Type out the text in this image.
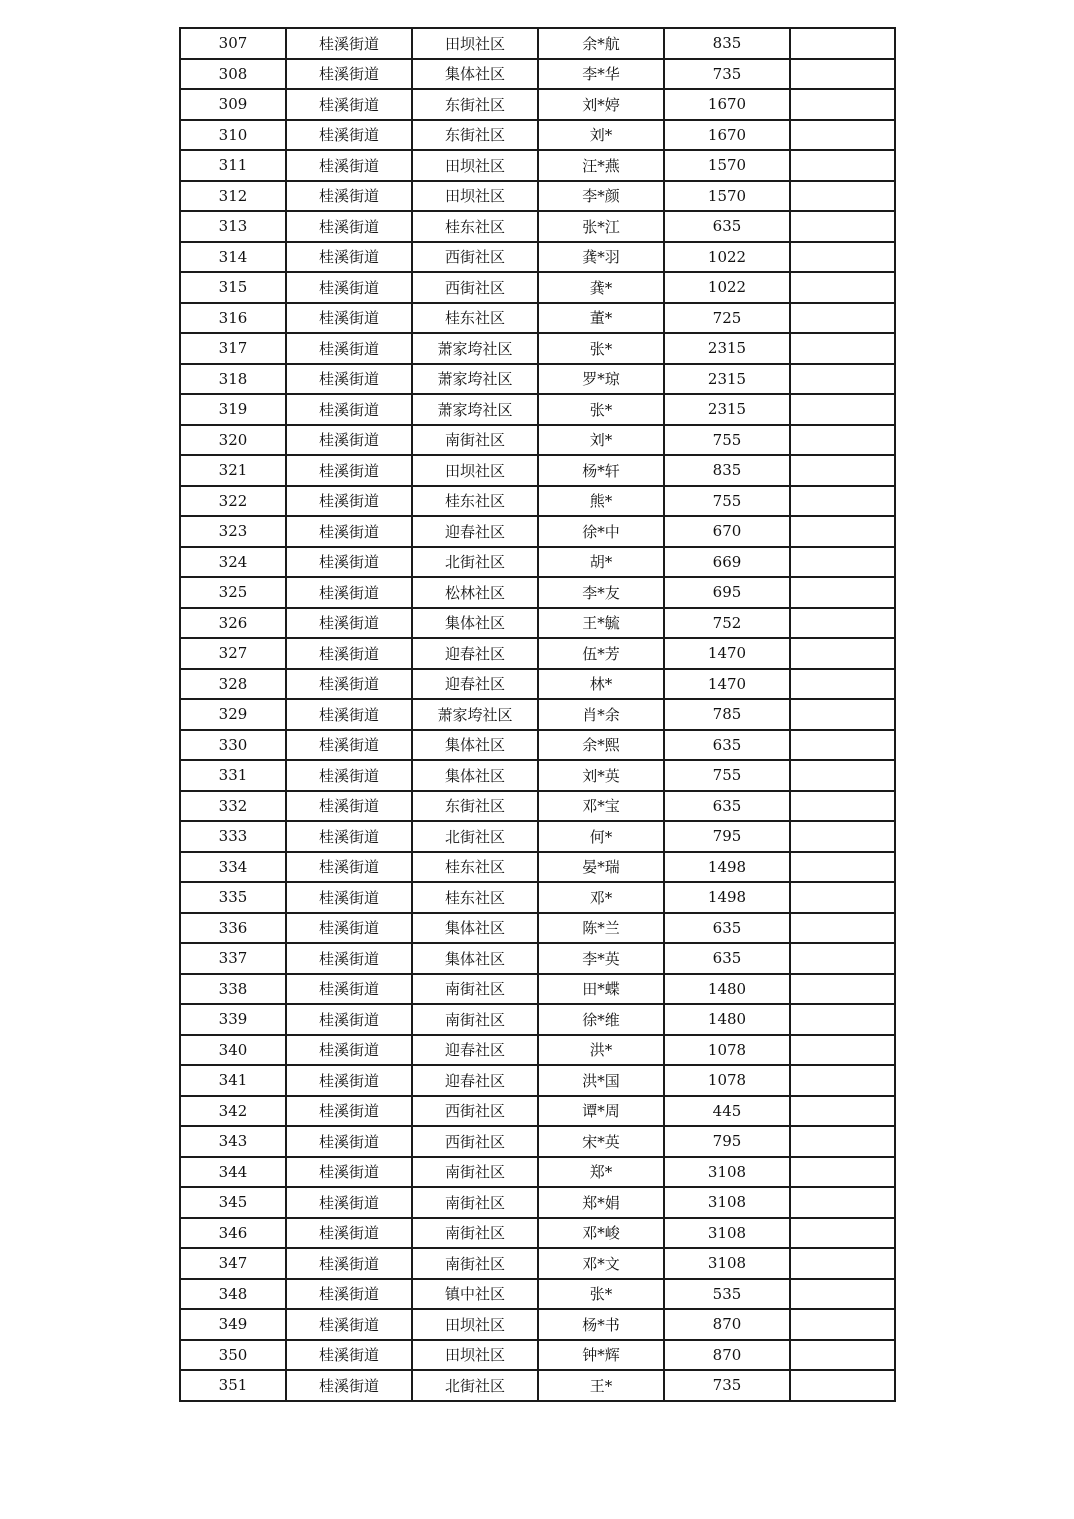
307	桂溪街道	田坝社区	余*航	835	
308	桂溪街道	集体社区	李*华	735	
309	桂溪街道	东街社区	刘*婷	1670	
310	桂溪街道	东街社区	刘*	1670	
311	桂溪街道	田坝社区	汪*燕	1570	
312	桂溪街道	田坝社区	李*颜	1570	
313	桂溪街道	桂东社区	张*江	635	
314	桂溪街道	西街社区	龚*羽	1022	
315	桂溪街道	西街社区	龚*	1022	
316	桂溪街道	桂东社区	董*	725	
317	桂溪街道	萧家垮社区	张*	2315	
318	桂溪街道	萧家垮社区	罗*琼	2315	
319	桂溪街道	萧家垮社区	张*	2315	
320	桂溪街道	南街社区	刘*	755	
321	桂溪街道	田坝社区	杨*轩	835	
322	桂溪街道	桂东社区	熊*	755	
323	桂溪街道	迎春社区	徐*中	670	
324	桂溪街道	北街社区	胡*	669	
325	桂溪街道	松林社区	李*友	695	
326	桂溪街道	集体社区	王*毓	752	
327	桂溪街道	迎春社区	伍*芳	1470	
328	桂溪街道	迎春社区	林*	1470	
329	桂溪街道	萧家垮社区	肖*余	785	
330	桂溪街道	集体社区	余*熙	635	
331	桂溪街道	集体社区	刘*英	755	
332	桂溪街道	东街社区	邓*宝	635	
333	桂溪街道	北街社区	何*	795	
334	桂溪街道	桂东社区	晏*瑞	1498	
335	桂溪街道	桂东社区	邓*	1498	
336	桂溪街道	集体社区	陈*兰	635	
337	桂溪街道	集体社区	李*英	635	
338	桂溪街道	南街社区	田*蝶	1480	
339	桂溪街道	南街社区	徐*维	1480	
340	桂溪街道	迎春社区	洪*	1078	
341	桂溪街道	迎春社区	洪*国	1078	
342	桂溪街道	西街社区	谭*周	445	
343	桂溪街道	西街社区	宋*英	795	
344	桂溪街道	南街社区	郑*	3108	
345	桂溪街道	南街社区	郑*娟	3108	
346	桂溪街道	南街社区	邓*峻	3108	
347	桂溪街道	南街社区	邓*文	3108	
348	桂溪街道	镇中社区	张*	535	
349	桂溪街道	田坝社区	杨*书	870	
350	桂溪街道	田坝社区	钟*辉	870	
351	桂溪街道	北街社区	王*	735	
